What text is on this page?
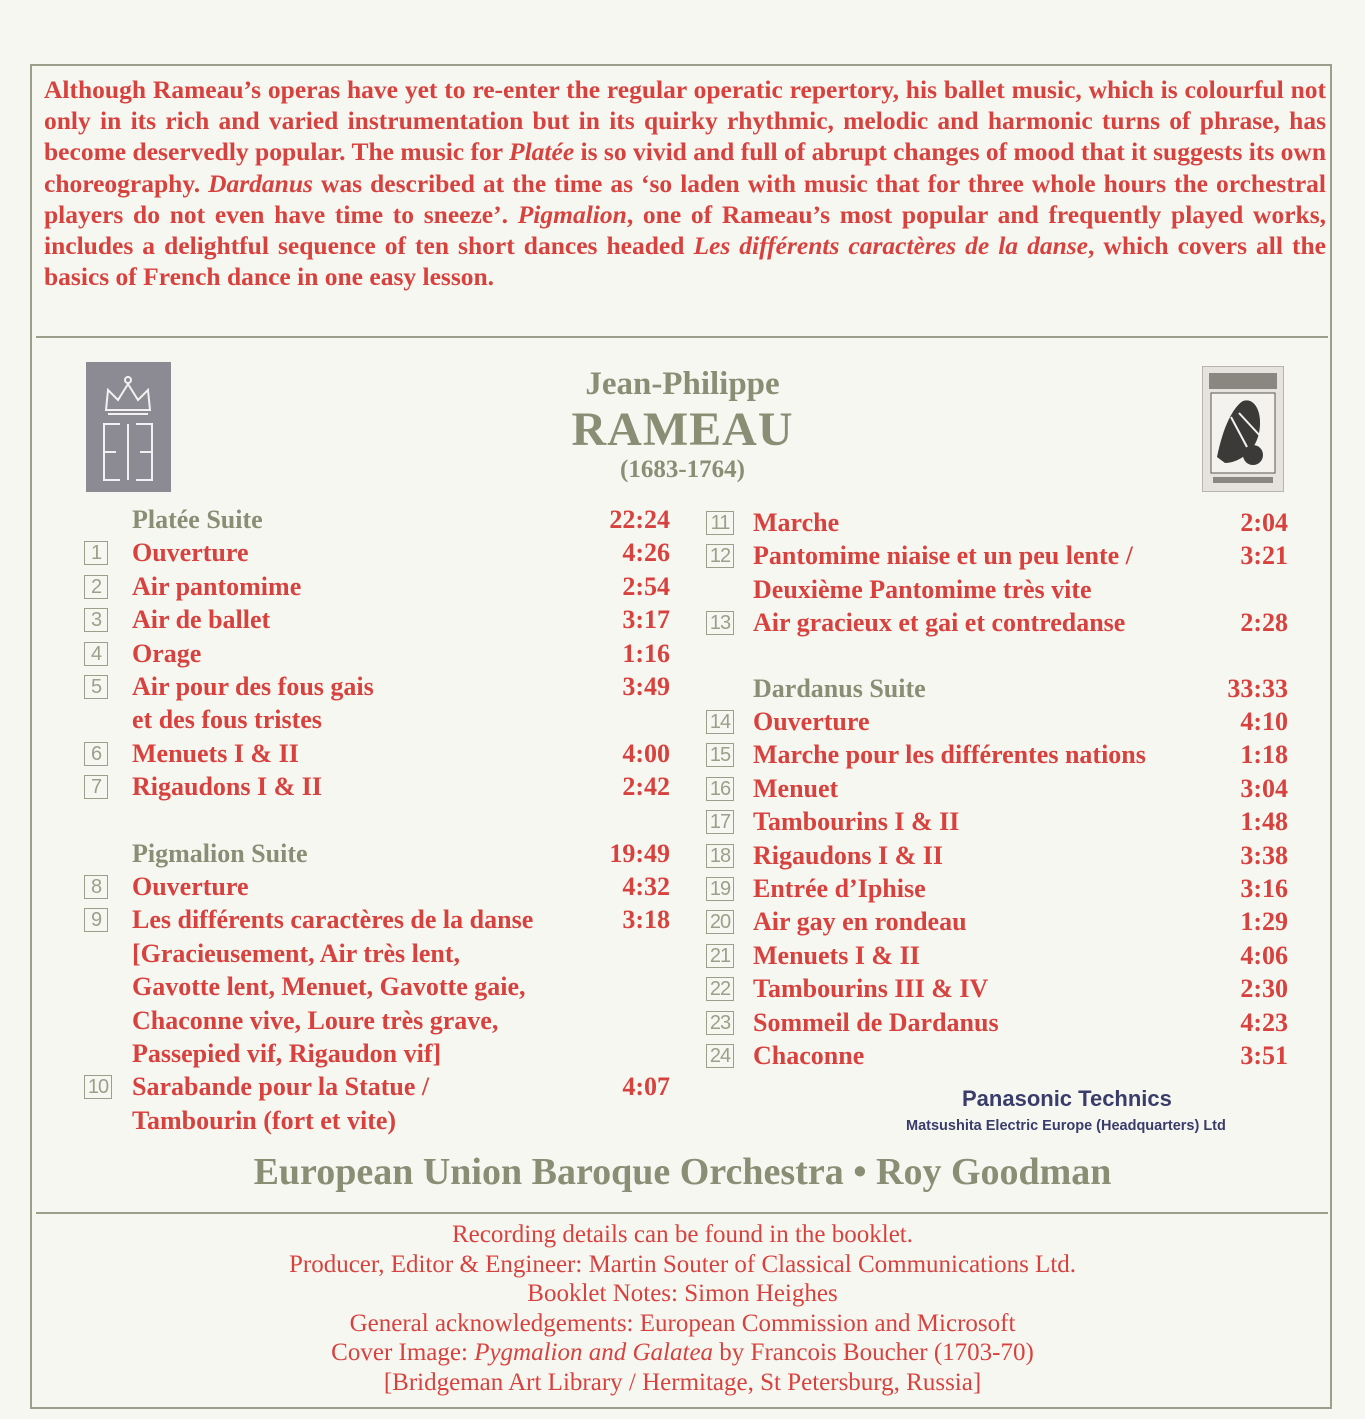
Although Rameau’s operas have yet to re-enter the regular operatic repertory, his ballet music, which is colourful not only in its rich and varied instrumentation but in its quirky rhythmic, melodic and harmonic turns of phrase, has become deservedly popular. The music for Platée is so vivid and full of abrupt changes of mood that it suggests its own choreography. Dardanus was described at the time as ‘so laden with music that for three whole hours the orchestral players do not even have time to sneeze’. Pigmalion, one of Rameau’s most popular and frequently played works, includes a delightful sequence of ten short dances headed Les différents caractères de la danse, which covers all the basics of French dance in one easy lesson.
Jean-Philippe
RAMEAU
(1683-1764)
Platée Suite	22:24
1 Ouverture	4:26
2 Air pantomime	2:54
3 Air de ballet	3:17
4 Orage	1:16
5 Air pour des fous gais	3:49
et des fous tristes
6 Menuets I & II	4:00
7 Rigaudons I & II	2:42
Pigmalion Suite	19:49
8 Ouverture	4:32
9 Les différents caractères de la danse	3:18
[Gracieusement, Air très lent,
Gavotte lent, Menuet, Gavotte gaie,
Chaconne vive, Loure très grave,
Passepied vif, Rigaudon vif]
10 Sarabande pour la Statue /	4:07
Tambourin (fort et vite)
11 Marche	2:04
12 Pantomime niaise et un peu lente /	3:21
Deuxième Pantomime très vite
13 Air gracieux et gai et contredanse	2:28
Dardanus Suite	33:33
14 Ouverture	4:10
15 Marche pour les différentes nations	1:18
16 Menuet	3:04
17 Tambourins I & II	1:48
18 Rigaudons I & II	3:38
19 Entrée d’Iphise	3:16
20 Air gay en rondeau	1:29
21 Menuets I & II	4:06
22 Tambourins III & IV	2:30
23 Sommeil de Dardanus	4:23
24 Chaconne	3:51
Panasonic Technics
Matsushita Electric Europe (Headquarters) Ltd
European Union Baroque Orchestra • Roy Goodman
Recording details can be found in the booklet.
Producer, Editor & Engineer: Martin Souter of Classical Communications Ltd.
Booklet Notes: Simon Heighes
General acknowledgements: European Commission and Microsoft
Cover Image: Pygmalion and Galatea by Francois Boucher (1703-70)
[Bridgeman Art Library / Hermitage, St Petersburg, Russia]
